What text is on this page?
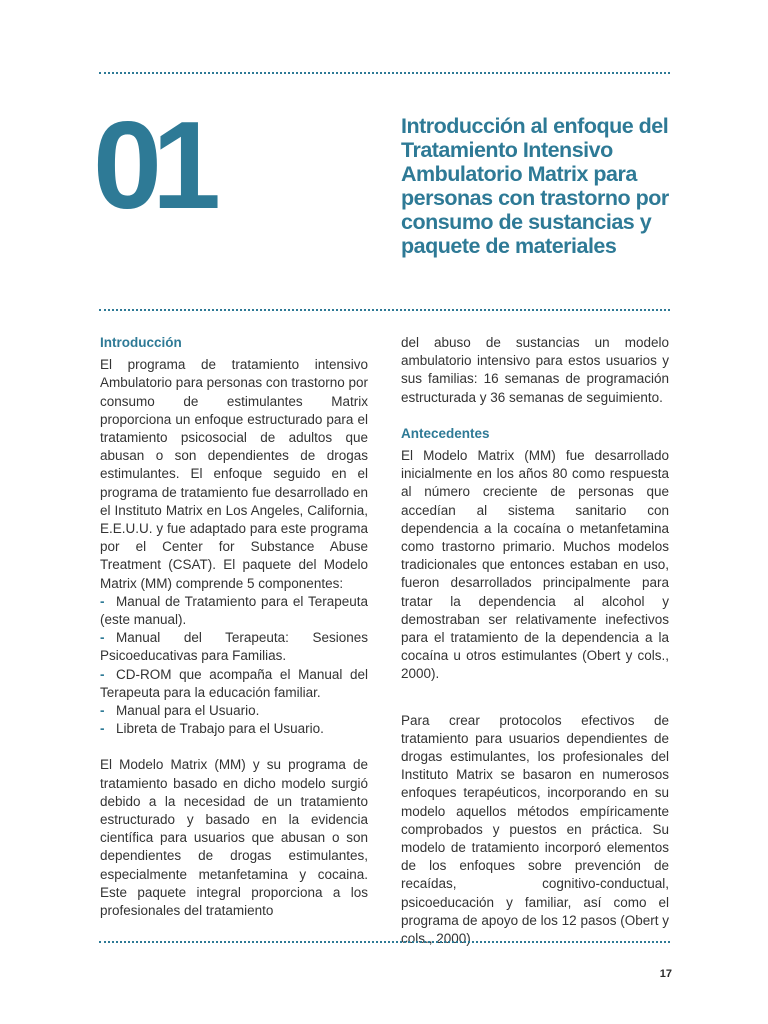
01	Introducción al enfoque del Tratamiento Intensivo Ambulatorio Matrix para personas con trastorno por consumo de sustancias y paquete de materiales
Introducción

El programa de tratamiento intensivo Ambulatorio para personas con trastorno por consumo de estimulantes Matrix proporciona un enfoque estructurado para el tratamiento psicosocial de adultos que abusan o son dependientes de drogas estimulantes. El enfoque seguido en el programa de tratamiento fue desarrollado en el Instituto Matrix en Los Angeles, California, E.E.U.U. y fue adaptado para este programa por el Center for Substance Abuse Treatment (CSAT). El paquete del Modelo Matrix (MM) comprende 5 componentes:

- Manual de Tratamiento para el Terapeuta (este manual).
- Manual del Terapeuta: Sesiones Psicoeducativas para Familias.
- CD-ROM que acompaña el Manual del Terapeuta para la educación familiar.
- Manual para el Usuario.
- Libreta de Trabajo para el Usuario.

El Modelo Matrix (MM) y su programa de tratamiento basado en dicho modelo surgió debido a la necesidad de un tratamiento estructurado y basado en la evidencia científica para usuarios que abusan o son dependientes de drogas estimulantes, especialmente metanfetamina y cocaina. Este paquete integral proporciona a los profesionales del tratamiento

del abuso de sustancias un modelo ambulatorio intensivo para estos usuarios y sus familias: 16 semanas de programación estructurada y 36 semanas de seguimiento.

Antecedentes

El Modelo Matrix (MM) fue desarrollado inicialmente en los años 80 como respuesta al número creciente de personas que accedían al sistema sanitario con dependencia a la cocaína o metanfetamina como trastorno primario. Muchos modelos tradicionales que entonces estaban en uso, fueron desarrollados principalmente para tratar la dependencia al alcohol y demostraban ser relativamente inefectivos para el tratamiento de la dependencia a la cocaína u otros estimulantes (Obert y cols., 2000).

Para crear protocolos efectivos de tratamiento para usuarios dependientes de drogas estimulantes, los profesionales del Instituto Matrix se basaron en numerosos enfoques terapéuticos, incorporando en su modelo aquellos métodos empíricamente comprobados y puestos en práctica. Su modelo de tratamiento incorporó elementos de los enfoques sobre prevención de recaídas, cognitivo-conductual, psicoeducación y familiar, así como el programa de apoyo de los 12 pasos (Obert y cols., 2000).

17
